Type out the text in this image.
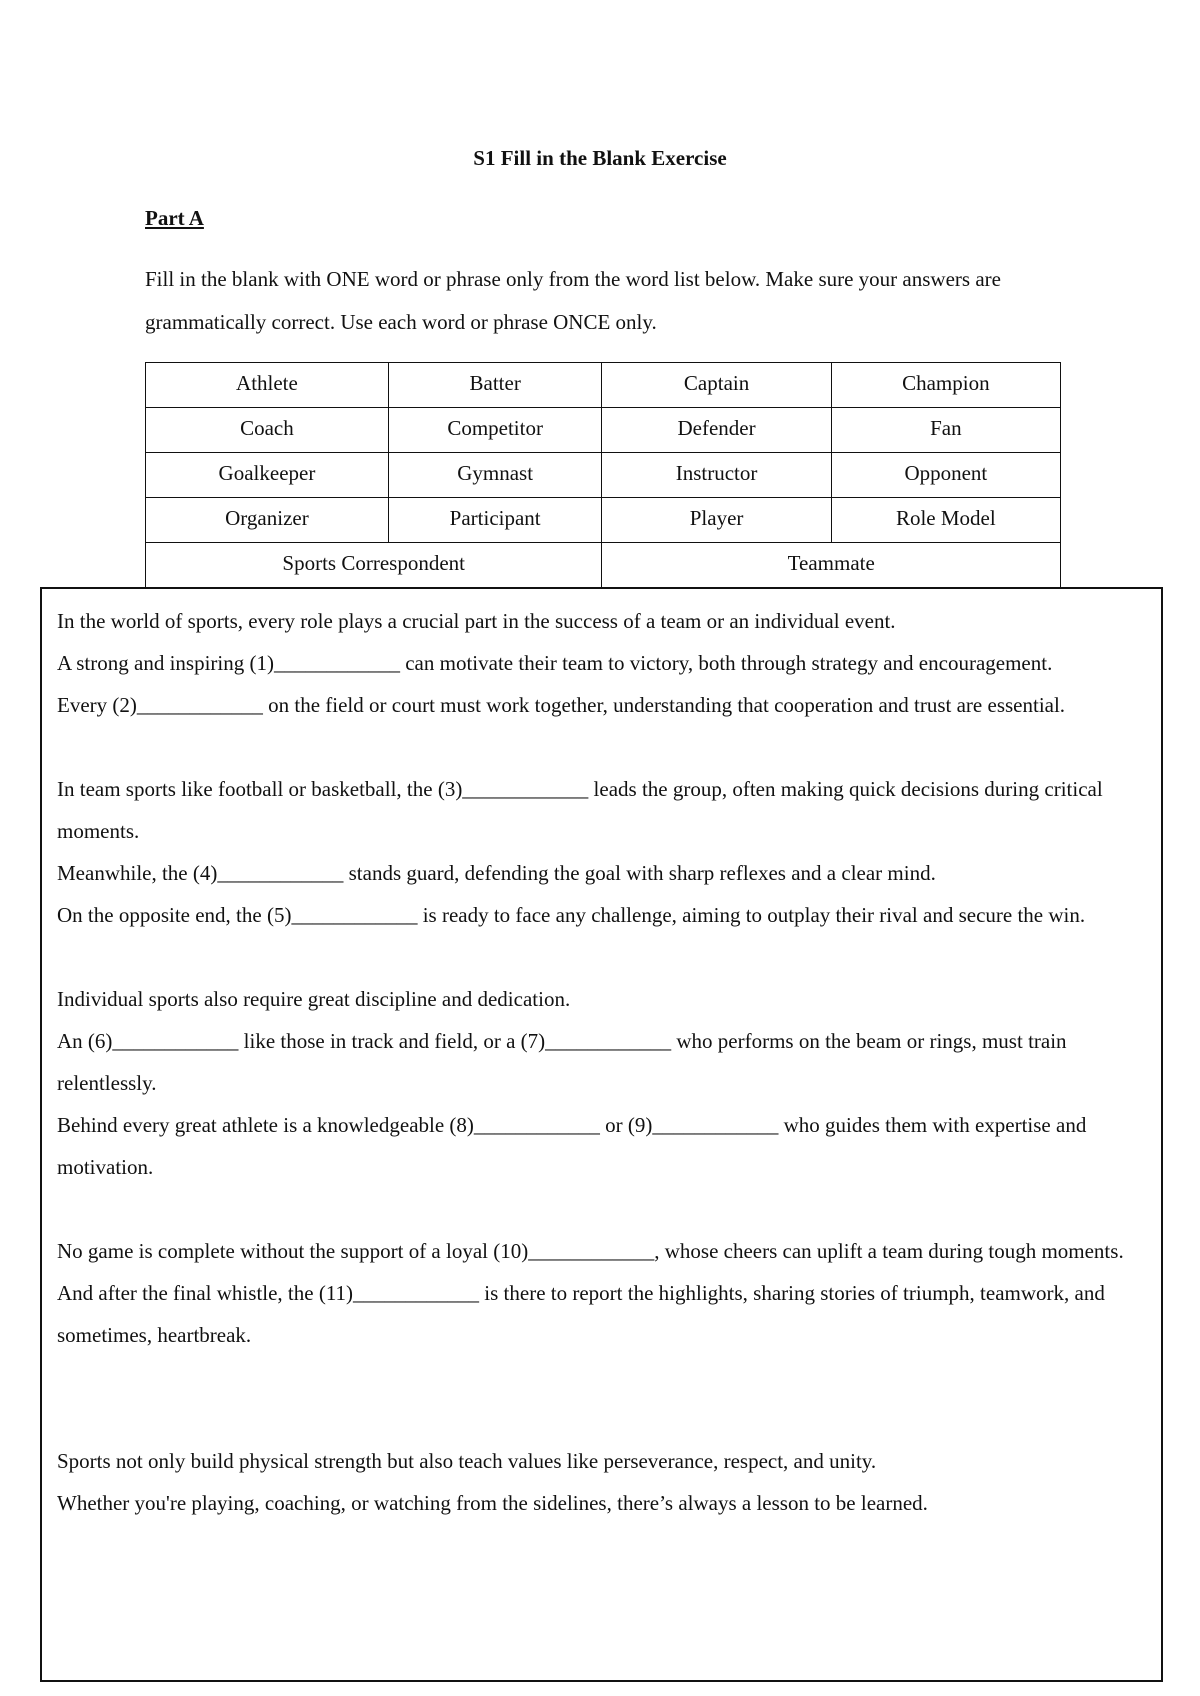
S1 Fill in the Blank Exercise
Part A
Fill in the blank with ONE word or phrase only from the word list below. Make sure your answers are grammatically correct. Use each word or phrase ONCE only.
Athlete	Batter	Captain	Champion
Coach	Competitor	Defender	Fan
Goalkeeper	Gymnast	Instructor	Opponent
Organizer	Participant	Player	Role Model
Sports Correspondent		Teammate	

In the world of sports, every role plays a crucial part in the success of a team or an individual event.

A strong and inspiring (1)____________ can motivate their team to victory, both through strategy and encouragement.

Every (2)____________ on the field or court must work together, understanding that cooperation and trust are essential.

In team sports like football or basketball, the (3)____________ leads the group, often making quick decisions during critical moments.

Meanwhile, the (4)____________ stands guard, defending the goal with sharp reflexes and a clear mind.

On the opposite end, the (5)____________ is ready to face any challenge, aiming to outplay their rival and secure the win.

Individual sports also require great discipline and dedication.

An (6)____________ like those in track and field, or a (7)____________ who performs on the beam or rings, must train relentlessly.

Behind every great athlete is a knowledgeable (8)____________ or (9)____________ who guides them with expertise and motivation.

No game is complete without the support of a loyal (10)____________, whose cheers can uplift a team during tough moments.

And after the final whistle, the (11)____________ is there to report the highlights, sharing stories of triumph, teamwork, and sometimes, heartbreak.

Sports not only build physical strength but also teach values like perseverance, respect, and unity.

Whether you're playing, coaching, or watching from the sidelines, there’s always a lesson to be learned.
